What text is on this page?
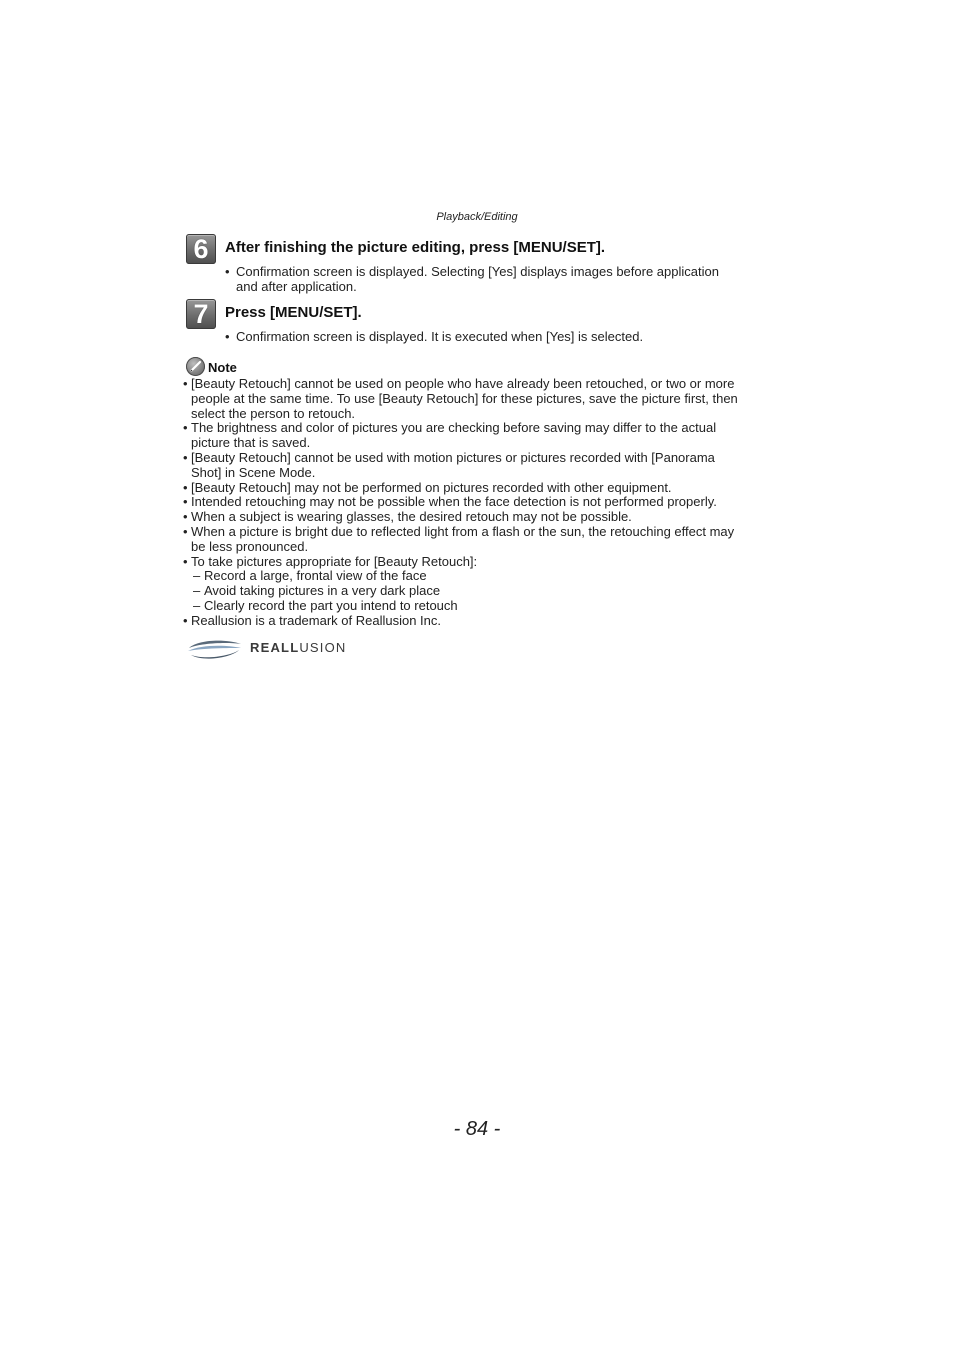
Playback/Editing
6	After finishing the picture editing, press [MENU/SET].
• Confirmation screen is displayed. Selecting [Yes] displays images before application
and after application.
7	Press [MENU/SET].
• Confirmation screen is displayed. It is executed when [Yes] is selected.
Note
• [Beauty Retouch] cannot be used on people who have already been retouched, or two or more
people at the same time. To use [Beauty Retouch] for these pictures, save the picture first, then
select the person to retouch.
• The brightness and color of pictures you are checking before saving may differ to the actual
picture that is saved.
• [Beauty Retouch] cannot be used with motion pictures or pictures recorded with [Panorama
Shot] in Scene Mode.
• [Beauty Retouch] may not be performed on pictures recorded with other equipment.
• Intended retouching may not be possible when the face detection is not performed properly.
• When a subject is wearing glasses, the desired retouch may not be possible.
• When a picture is bright due to reflected light from a flash or the sun, the retouching effect may
be less pronounced.
• To take pictures appropriate for [Beauty Retouch]:
– Record a large, frontal view of the face
– Avoid taking pictures in a very dark place
– Clearly record the part you intend to retouch
• Reallusion is a trademark of Reallusion Inc.
REALLUSION
- 84 -
